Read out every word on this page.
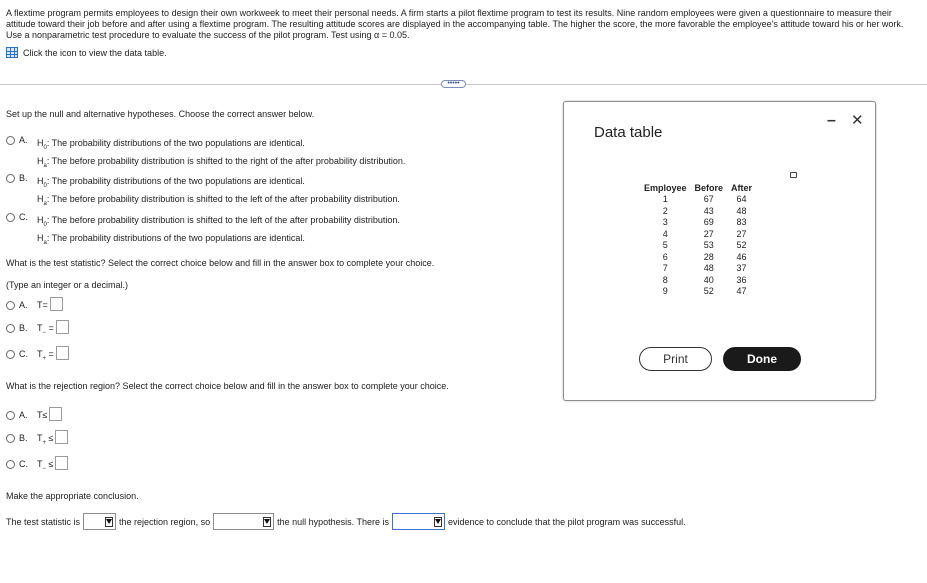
A flextime program permits employees to design their own workweek to meet their personal needs. A firm starts a pilot flextime program to test its results. Nine random employees were given a questionnaire to measure their attitude toward their job before and after using a flextime program. The resulting attitude scores are displayed in the accompanying table. The higher the score, the more favorable the employee's attitude toward his or her work. Use a nonparametric test procedure to evaluate the success of the pilot program. Test using α = 0.05.
Click the icon to view the data table.
•••••
Set up the null and alternative hypotheses. Choose the correct answer below.
A.	$H_0$: The probability distributions of the two populations are identical.
$H_a$: The before probability distribution is shifted to the right of the after probability distribution.
B.	$H_0$: The probability distributions of the two populations are identical.
$H_a$: The before probability distribution is shifted to the left of the after probability distribution.
C.	$H_0$: The before probability distribution is shifted to the left of the after probability distribution.
$H_a$: The probability distributions of the two populations are identical.
What is the test statistic? Select the correct choice below and fill in the answer box to complete your choice.
(Type an integer or a decimal.)
A.	T=
B.	$T_-$ =
C.	$T_+$ =
What is the rejection region? Select the correct choice below and fill in the answer box to complete your choice.
A.	T≤
B.	$T_+$ ≤
C.	$T_-$ ≤
Make the appropriate conclusion.
The test statistic is	the rejection region, so	the null hypothesis. There is	evidence to conclude that the pilot program was successful.
Data table
– ✕
Employee	Before	After
1	67	64
2	43	48
3	69	83
4	27	27
5	53	52
6	28	46
7	48	37
8	40	36
9	52	47
Print	Done
